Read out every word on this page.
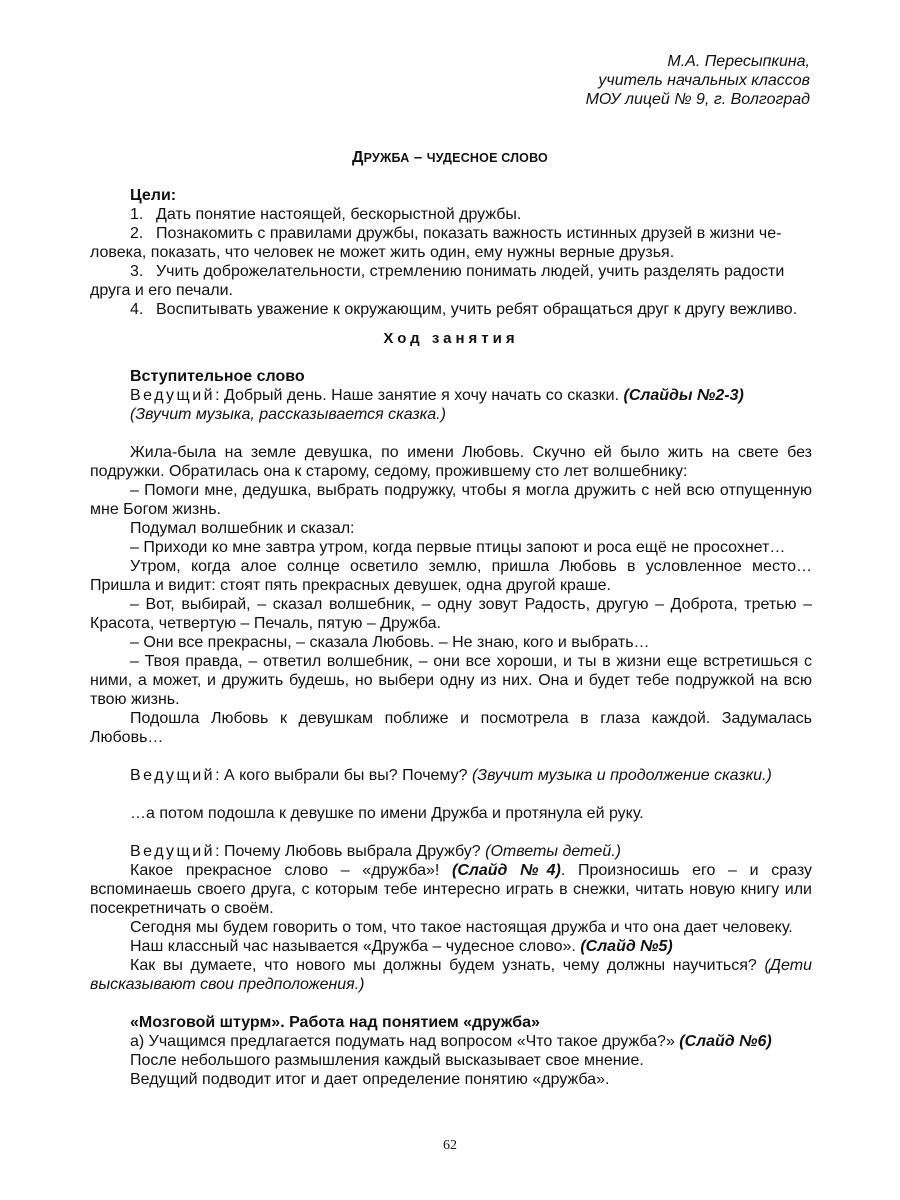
М.А. Пересыпкина,
учитель начальных классов
МОУ лицей № 9, г. Волгоград
ДРУЖБА – ЧУДЕСНОЕ СЛОВО

Цели:

1. Дать понятие настоящей, бескорыстной дружбы.

2. Познакомить с правилами дружбы, показать важность истинных друзей в жизни че-

ловека, показать, что человек не может жить один, ему нужны верные друзья.

3. Учить доброжелательности, стремлению понимать людей, учить разделять радости

друга и его печали.

4. Воспитывать уважение к окружающим, учить ребят обращаться друг к другу вежливо.

Ход занятия

Вступительное слово

Ведущий: Добрый день. Наше занятие я хочу начать со сказки. (Слайды №2-3)

(Звучит музыка, рассказывается сказка.)

Жила-была на земле девушка, по имени Любовь. Скучно ей было жить на свете без подружки. Обратилась она к старому, седому, прожившему сто лет волшебнику:

– Помоги мне, дедушка, выбрать подружку, чтобы я могла дружить с ней всю отпущенную мне Богом жизнь.

Подумал волшебник и сказал:

– Приходи ко мне завтра утром, когда первые птицы запоют и роса ещё не просохнет…

Утром, когда алое солнце осветило землю, пришла Любовь в условленное место… Пришла и видит: стоят пять прекрасных девушек, одна другой краше.

– Вот, выбирай, – сказал волшебник, – одну зовут Радость, другую – Доброта, третью – Красота, четвертую – Печаль, пятую – Дружба.

– Они все прекрасны, – сказала Любовь. – Не знаю, кого и выбрать…

– Твоя правда, – ответил волшебник, – они все хороши, и ты в жизни еще встретишься с ними, а может, и дружить будешь, но выбери одну из них. Она и будет тебе подружкой на всю твою жизнь.

Подошла Любовь к девушкам поближе и посмотрела в глаза каждой. Задумалась Любовь…

Ведущий: А кого выбрали бы вы? Почему? (Звучит музыка и продолжение сказки.)

…а потом подошла к девушке по имени Дружба и протянула ей руку.

Ведущий: Почему Любовь выбрала Дружбу? (Ответы детей.)

Какое прекрасное слово – «дружба»! (Слайд №4). Произносишь его – и сразу вспоминаешь своего друга, с которым тебе интересно играть в снежки, читать новую книгу или посекретничать о своём.

Сегодня мы будем говорить о том, что такое настоящая дружба и что она дает человеку.

Наш классный час называется «Дружба – чудесное слово». (Слайд №5)

Как вы думаете, что нового мы должны будем узнать, чему должны научиться? (Дети высказывают свои предположения.)

«Мозговой штурм». Работа над понятием «дружба»

а) Учащимся предлагается подумать над вопросом «Что такое дружба?» (Слайд №6)

После небольшого размышления каждый высказывает свое мнение.

Ведущий подводит итог и дает определение понятию «дружба».

62
